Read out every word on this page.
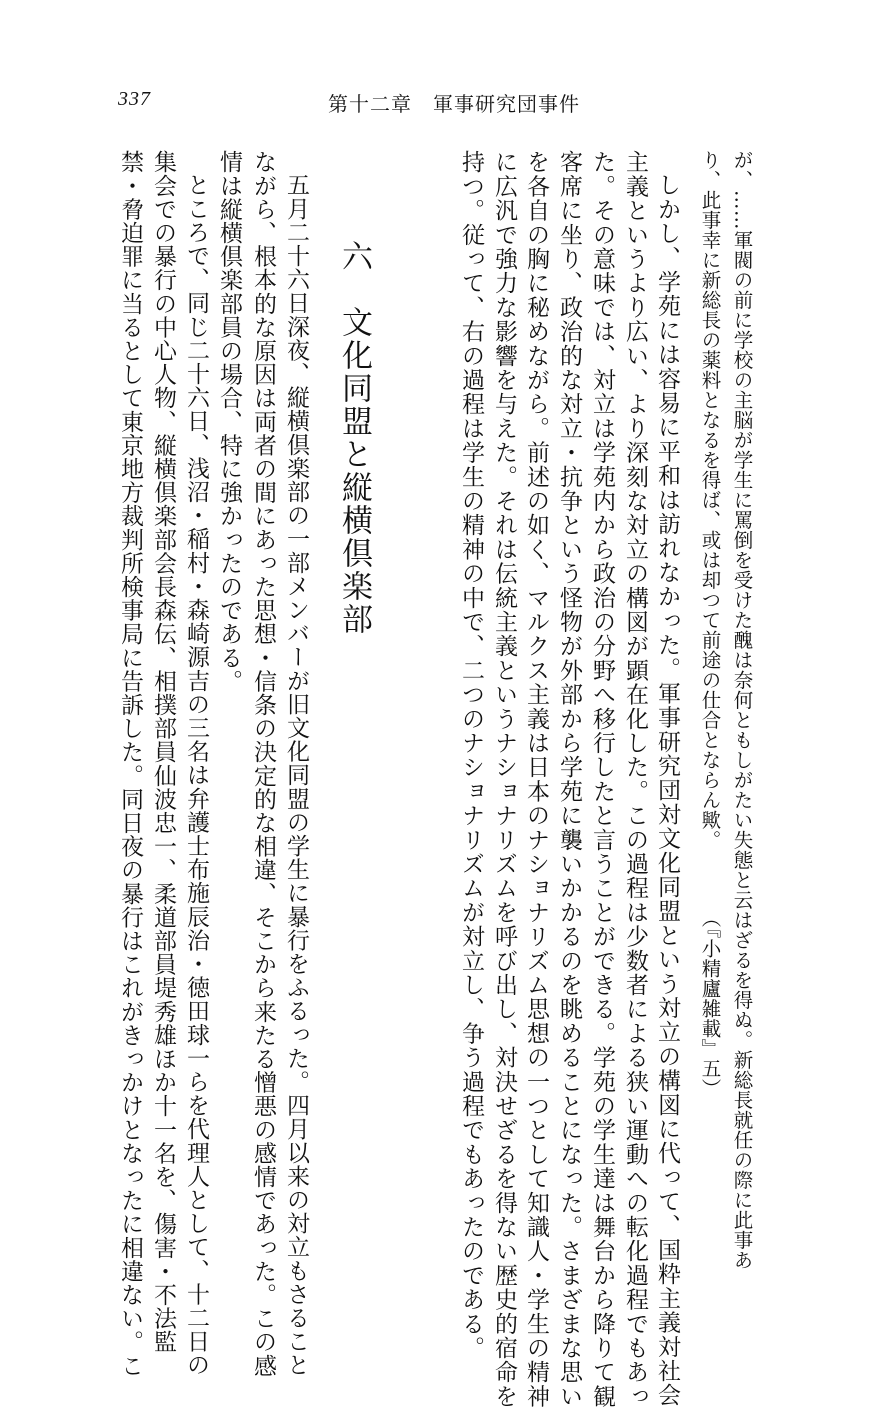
337	第十二章　軍事研究団事件
が、……軍閥の前に学校の主脳が学生に罵倒を受けた醜は奈何ともしがたい失態と云はざるを得ぬ。新総長就任の際に此事あ
り、此事幸に新総長の薬料となるを得ば、或は却つて前途の仕合とならん歟。
（『小精廬雑載』五）
しかし、学苑には容易に平和は訪れなかった。軍事研究団対文化同盟という対立の構図に代って、国粋主義対社会
主義というより広い、より深刻な対立の構図が顕在化した。この過程は少数者による狭い運動への転化過程でもあっ
た。その意味では、対立は学苑内から政治の分野へ移行したと言うことができる。学苑の学生達は舞台から降りて観
客席に坐り、政治的な対立・抗争という怪物が外部から学苑に襲いかかるのを眺めることになった。さまざまな思い
を各自の胸に秘めながら。前述の如く、マルクス主義は日本のナショナリズム思想の一つとして知識人・学生の精神
に広汎で強力な影響を与えた。それは伝統主義というナショナリズムを呼び出し、対決せざるを得ない歴史的宿命を
持つ。従って、右の過程は学生の精神の中で、二つのナショナリズムが対立し、争う過程でもあったのである。
六　文化同盟と縦横倶楽部
五月二十六日深夜、縦横倶楽部の一部メンバーが旧文化同盟の学生に暴行をふるった。四月以来の対立もさること
ながら、根本的な原因は両者の間にあった思想・信条の決定的な相違、そこから来たる憎悪の感情であった。この感
情は縦横倶楽部員の場合、特に強かったのである。
ところで、同じ二十六日、浅沼・稲村・森崎源吉の三名は弁護士布施辰治・徳田球一らを代理人として、十二日の
集会での暴行の中心人物、縦横倶楽部会長森伝、相撲部員仙波忠一、柔道部員堤秀雄ほか十一名を、傷害・不法監
禁・脅迫罪に当るとして東京地方裁判所検事局に告訴した。同日夜の暴行はこれがきっかけとなったに相違ない。こ
